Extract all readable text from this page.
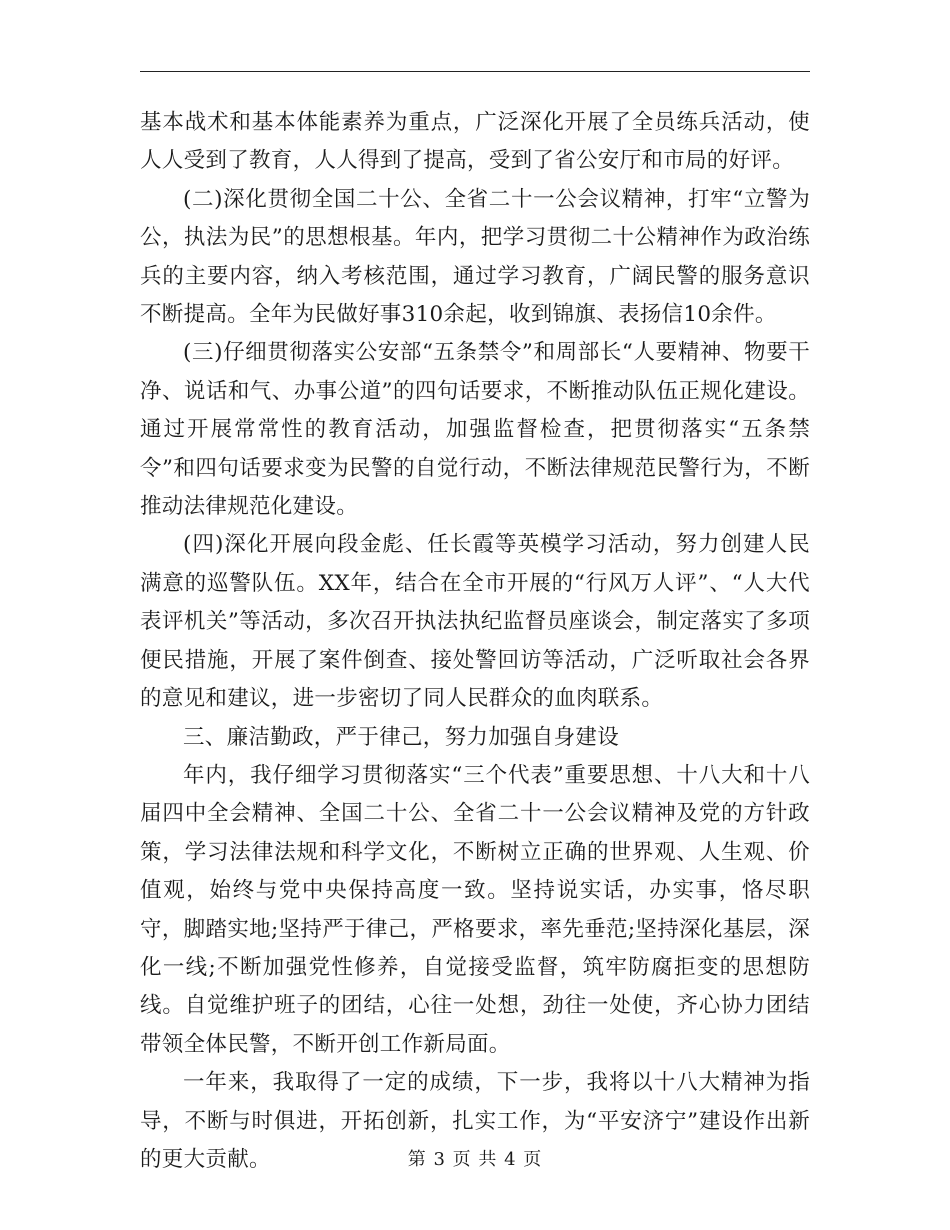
基本战术和基本体能素养为重点，广泛深化开展了全员练兵活动，使人人受到了教育，人人得到了提高，受到了省公安厅和市局的好评。

(二)深化贯彻全国二十公、全省二十一公会议精神，打牢“立警为公，执法为民”的思想根基。年内，把学习贯彻二十公精神作为政治练兵的主要内容，纳入考核范围，通过学习教育，广阔民警的服务意识不断提高。全年为民做好事310余起，收到锦旗、表扬信10余件。

(三)仔细贯彻落实公安部“五条禁令”和周部长“人要精神、物要干净、说话和气、办事公道”的四句话要求，不断推动队伍正规化建设。通过开展常常性的教育活动，加强监督检查，把贯彻落实“五条禁令”和四句话要求变为民警的自觉行动，不断法律规范民警行为，不断推动法律规范化建设。

(四)深化开展向段金彪、任长霞等英模学习活动，努力创建人民满意的巡警队伍。XX年，结合在全市开展的“行风万人评”、“人大代表评机关”等活动，多次召开执法执纪监督员座谈会，制定落实了多项便民措施，开展了案件倒查、接处警回访等活动，广泛听取社会各界的意见和建议，进一步密切了同人民群众的血肉联系。

三、廉洁勤政，严于律己，努力加强自身建设

年内，我仔细学习贯彻落实“三个代表”重要思想、十八大和十八届四中全会精神、全国二十公、全省二十一公会议精神及党的方针政策，学习法律法规和科学文化，不断树立正确的世界观、人生观、价值观，始终与党中央保持高度一致。坚持说实话，办实事，恪尽职守，脚踏实地;坚持严于律己，严格要求，率先垂范;坚持深化基层，深化一线;不断加强党性修养，自觉接受监督，筑牢防腐拒变的思想防线。自觉维护班子的团结，心往一处想，劲往一处使，齐心协力团结带领全体民警，不断开创工作新局面。

一年来，我取得了一定的成绩，下一步，我将以十八大精神为指导，不断与时俱进，开拓创新，扎实工作，为“平安济宁”建设作出新的更大贡献。	第 3 页 共 4 页
